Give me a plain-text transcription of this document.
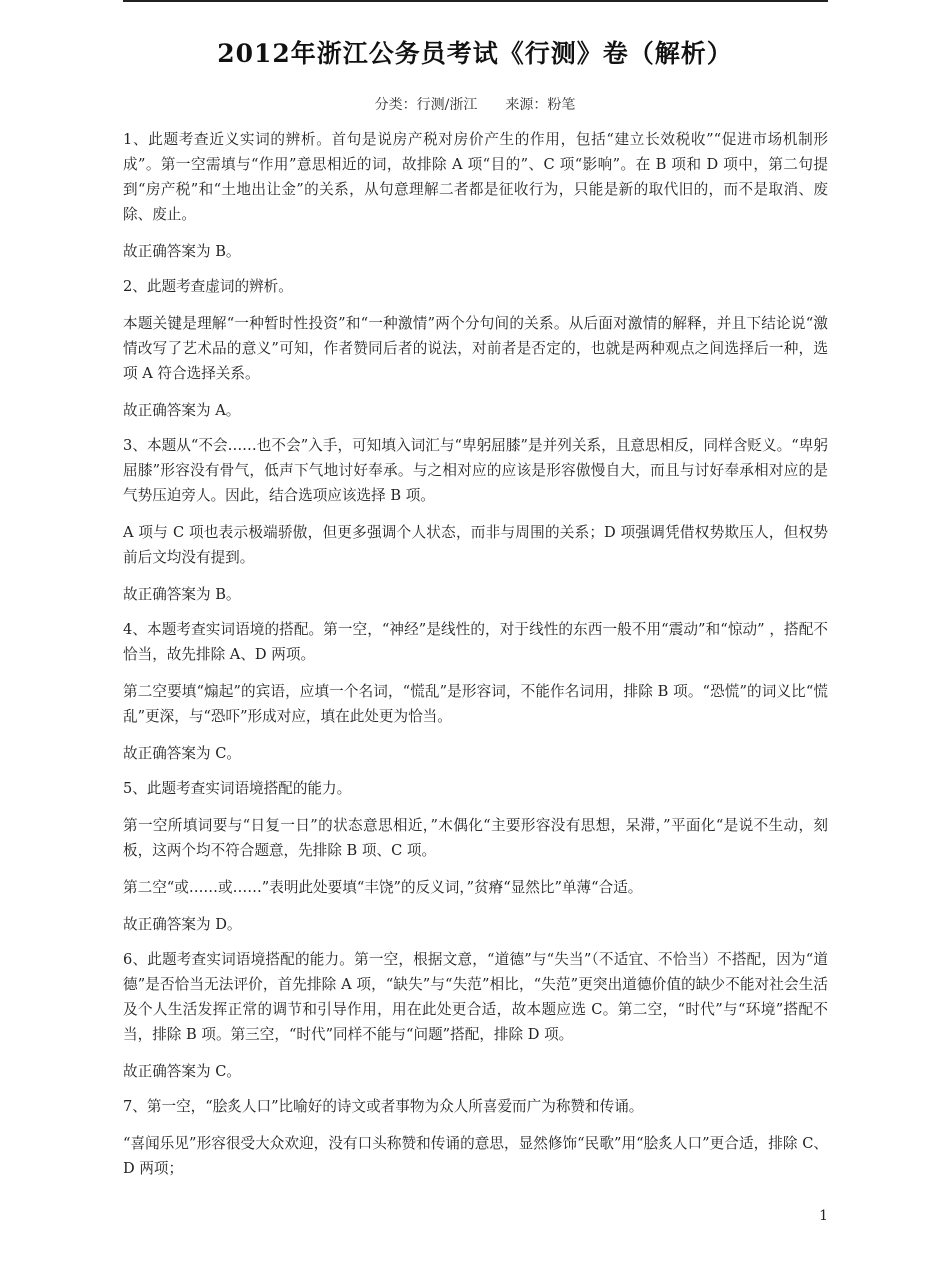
2012年浙江公务员考试《行测》卷（解析）
分类：行测/浙江 来源：粉笔

1、此题考查近义实词的辨析。首句是说房产税对房价产生的作用，包括“建立长效税收”“促进市场机制形成”。第一空需填与“作用”意思相近的词，故排除 A 项“目的”、C 项“影响”。在 B 项和 D 项中，第二句提到“房产税”和“土地出让金”的关系，从句意理解二者都是征收行为，只能是新的取代旧的，而不是取消、废除、废止。

故正确答案为 B。

2、此题考查虚词的辨析。

本题关键是理解“一种暂时性投资”和“一种激情”两个分句间的关系。从后面对激情的解释，并且下结论说“激情改写了艺术品的意义”可知，作者赞同后者的说法，对前者是否定的，也就是两种观点之间选择后一种，选项 A 符合选择关系。

故正确答案为 A。

3、本题从“不会……也不会”入手，可知填入词汇与“卑躬屈膝”是并列关系，且意思相反，同样含贬义。“卑躬屈膝”形容没有骨气，低声下气地讨好奉承。与之相对应的应该是形容傲慢自大，而且与讨好奉承相对应的是气势压迫旁人。因此，结合选项应该选择 B 项。

A 项与 C 项也表示极端骄傲，但更多强调个人状态，而非与周围的关系；D 项强调凭借权势欺压人，但权势前后文均没有提到。

故正确答案为 B。

4、本题考查实词语境的搭配。第一空，“神经”是线性的，对于线性的东西一般不用“震动”和“惊动” ，搭配不恰当，故先排除 A、D 两项。

第二空要填“煽起”的宾语，应填一个名词，“慌乱”是形容词，不能作名词用，排除 B 项。“恐慌”的词义比“慌乱”更深，与“恐吓”形成对应，填在此处更为恰当。

故正确答案为 C。

5、此题考查实词语境搭配的能力。

第一空所填词要与“日复一日”的状态意思相近，”木偶化“主要形容没有思想，呆滞，”平面化“是说不生动，刻板，这两个均不符合题意，先排除 B 项、C 项。

第二空“或……或……”表明此处要填“丰饶”的反义词，”贫瘠“显然比”单薄“合适。

故正确答案为 D。

6、此题考查实词语境搭配的能力。第一空，根据文意，“道德”与“失当”（不适宜、不恰当）不搭配，因为“道德”是否恰当无法评价，首先排除 A 项，“缺失”与“失范”相比，“失范”更突出道德价值的缺少不能对社会生活及个人生活发挥正常的调节和引导作用，用在此处更合适，故本题应选 C。第二空，“时代”与“环境”搭配不当，排除 B 项。第三空，“时代”同样不能与“问题”搭配，排除 D 项。

故正确答案为 C。

7、第一空，“脍炙人口”比喻好的诗文或者事物为众人所喜爱而广为称赞和传诵。

“喜闻乐见”形容很受大众欢迎，没有口头称赞和传诵的意思，显然修饰“民歌”用“脍炙人口”更合适，排除 C、D 两项；

1
